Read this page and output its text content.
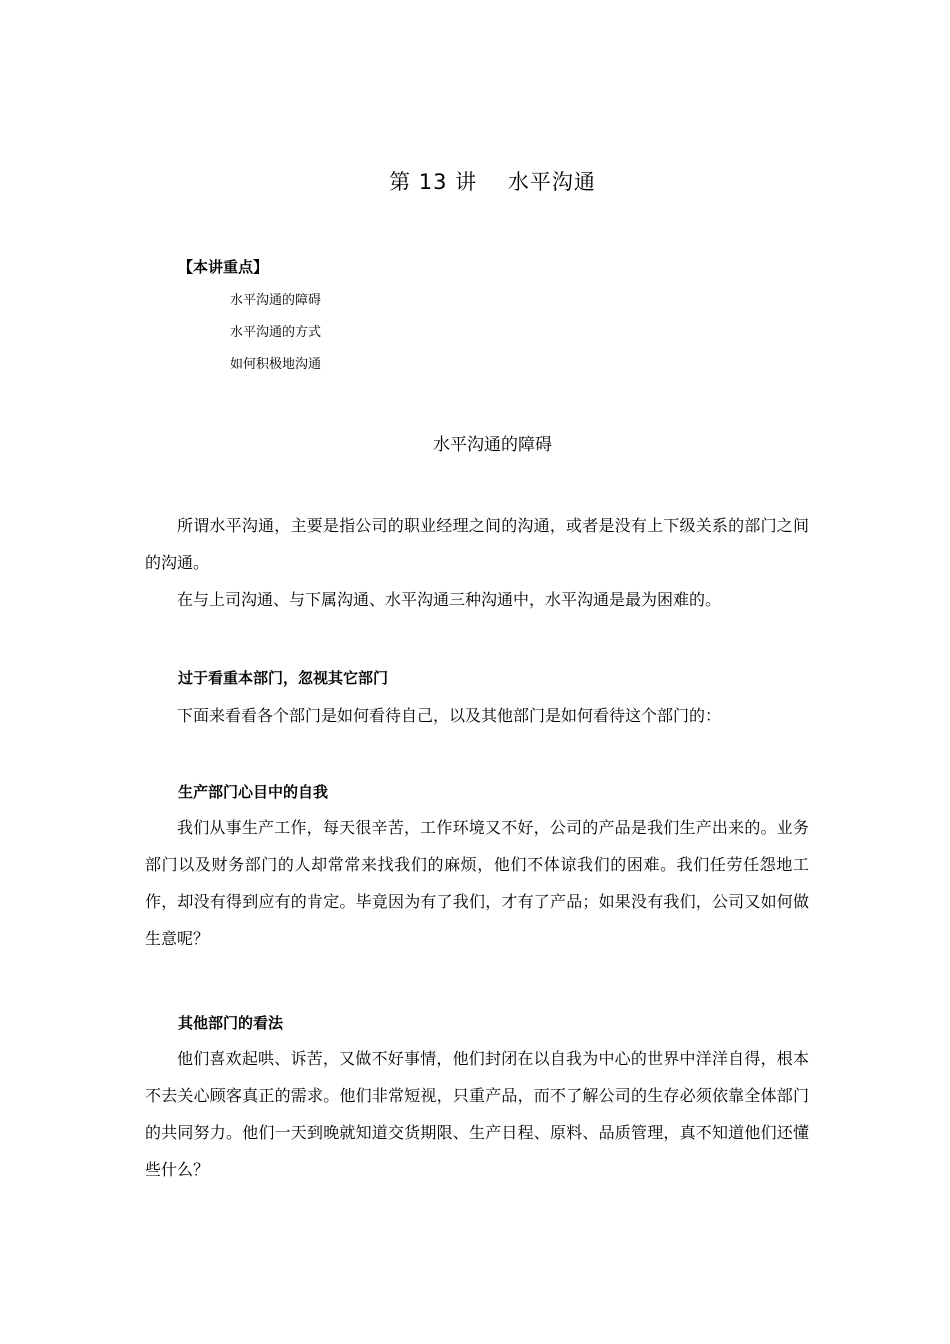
第 13 讲    水平沟通

【本讲重点】

水平沟通的障碍
水平沟通的方式
如何积极地沟通
水平沟通的障碍

所谓水平沟通，主要是指公司的职业经理之间的沟通，或者是没有上下级关系的部门之间的沟通。

在与上司沟通、与下属沟通、水平沟通三种沟通中，水平沟通是最为困难的。

过于看重本部门，忽视其它部门

下面来看看各个部门是如何看待自己，以及其他部门是如何看待这个部门的：

生产部门心目中的自我

我们从事生产工作，每天很辛苦，工作环境又不好，公司的产品是我们生产出来的。业务部门以及财务部门的人却常常来找我们的麻烦，他们不体谅我们的困难。我们任劳任怨地工作，却没有得到应有的肯定。毕竟因为有了我们，才有了产品；如果没有我们，公司又如何做生意呢？

其他部门的看法

他们喜欢起哄、诉苦，又做不好事情，他们封闭在以自我为中心的世界中洋洋自得，根本不去关心顾客真正的需求。他们非常短视，只重产品，而不了解公司的生存必须依靠全体部门的共同努力。他们一天到晚就知道交货期限、生产日程、原料、品质管理，真不知道他们还懂些什么？
